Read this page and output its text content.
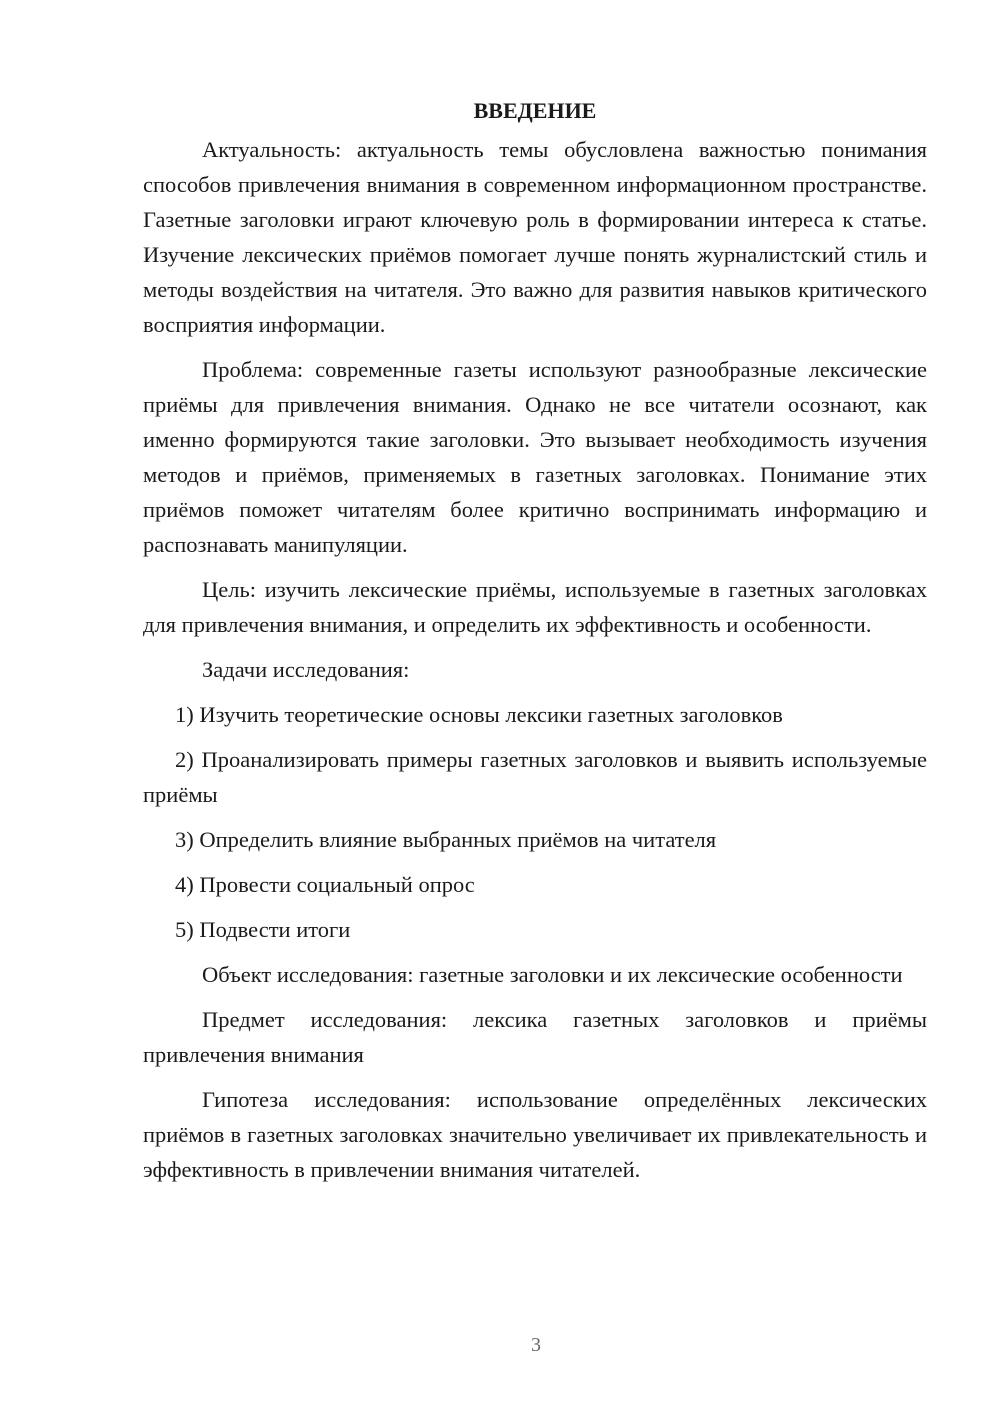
ВВЕДЕНИЕ

Актуальность: актуальность темы обусловлена важностью понимания способов привлечения внимания в современном информационном пространстве. Газетные заголовки играют ключевую роль в формировании интереса к статье. Изучение лексических приёмов помогает лучше понять журналистский стиль и методы воздействия на читателя. Это важно для развития навыков критического восприятия информации.

Проблема: современные газеты используют разнообразные лексические приёмы для привлечения внимания. Однако не все читатели осознают, как именно формируются такие заголовки. Это вызывает необходимость изучения методов и приёмов, применяемых в газетных заголовках. Понимание этих приёмов поможет читателям более критично воспринимать информацию и распознавать манипуляции.

Цель: изучить лексические приёмы, используемые в газетных заголовках для привлечения внимания, и определить их эффективность и особенности.

Задачи исследования:

1) Изучить теоретические основы лексики газетных заголовков

2) Проанализировать примеры газетных заголовков и выявить используемые приёмы

3) Определить влияние выбранных приёмов на читателя

4) Провести социальный опрос

5) Подвести итоги

Объект исследования: газетные заголовки и их лексические особенности

Предмет исследования: лексика газетных заголовков и приёмы привлечения внимания

Гипотеза исследования: использование определённых лексических приёмов в газетных заголовках значительно увеличивает их привлекательность и эффективность в привлечении внимания читателей.

3
